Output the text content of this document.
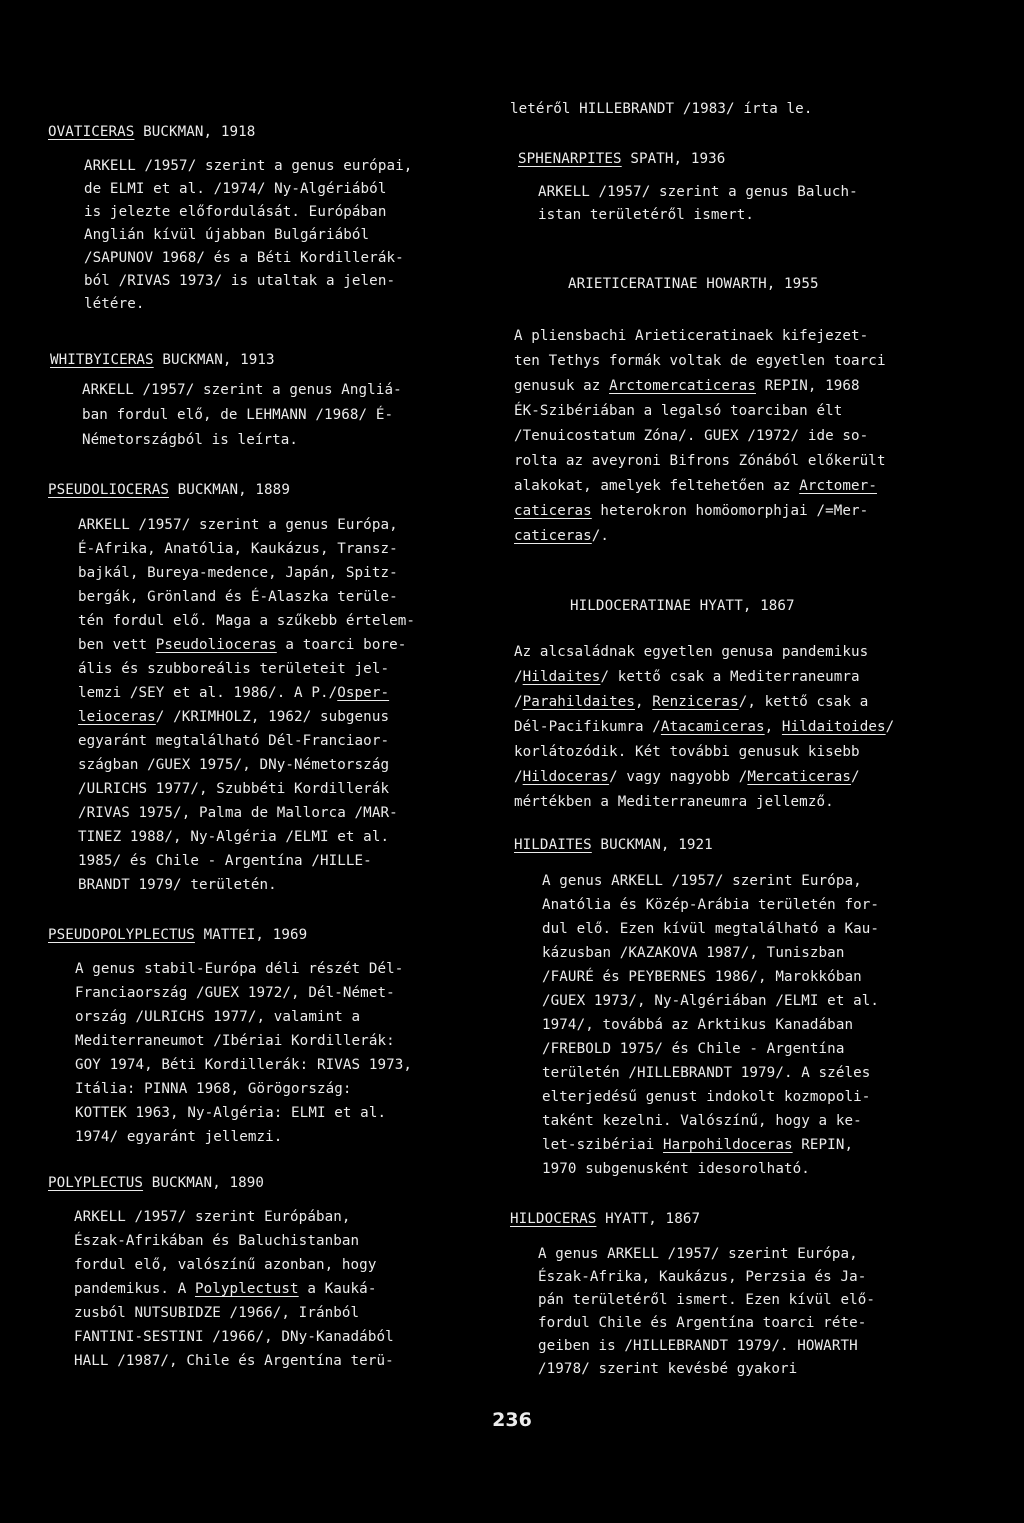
OVATICERAS BUCKMAN, 1918
ARKELL /1957/ szerint a genus európai,
de ELMI et al. /1974/ Ny-Algériából
is jelezte előfordulását. Európában
Anglián kívül újabban Bulgáriából
/SAPUNOV 1968/ és a Béti Kordillerák-
ból /RIVAS 1973/ is utaltak a jelen-
létére.
WHITBYICERAS BUCKMAN, 1913
ARKELL /1957/ szerint a genus Angliá-
ban fordul elő, de LEHMANN /1968/ É-
Németországból is leírta.
PSEUDOLIOCERAS BUCKMAN, 1889
ARKELL /1957/ szerint a genus Európa,
É-Afrika, Anatólia, Kaukázus, Transz-
bajkál, Bureya-medence, Japán, Spitz-
bergák, Grönland és É-Alaszka terüle-
tén fordul elő. Maga a szűkebb értelem-
ben vett Pseudolioceras a toarci bore-
ális és szubboreális területeit jel-
lemzi /SEY et al. 1986/. A P./Osper-
leioceras/ /KRIMHOLZ, 1962/ subgenus
egyaránt megtalálható Dél-Franciaor-
szágban /GUEX 1975/, DNy-Németország
/ULRICHS 1977/, Szubbéti Kordillerák
/RIVAS 1975/, Palma de Mallorca /MAR-
TINEZ 1988/, Ny-Algéria /ELMI et al.
1985/ és Chile - Argentína /HILLE-
BRANDT 1979/ területén.
PSEUDOPOLYPLECTUS MATTEI, 1969
A genus stabil-Európa déli részét Dél-
Franciaország /GUEX 1972/, Dél-Német-
ország /ULRICHS 1977/, valamint a
Mediterraneumot /Ibériai Kordillerák:
GOY 1974, Béti Kordillerák: RIVAS 1973,
Itália: PINNA 1968, Görögország:
KOTTEK 1963, Ny-Algéria: ELMI et al.
1974/ egyaránt jellemzi.
POLYPLECTUS BUCKMAN, 1890
ARKELL /1957/ szerint Európában,
Észak-Afrikában és Baluchistanban
fordul elő, valószínű azonban, hogy
pandemikus. A Polyplectust a Kauká-
zusból NUTSUBIDZE /1966/, Iránból
FANTINI-SESTINI /1966/, DNy-Kanadából
HALL /1987/, Chile és Argentína terü-
letéről HILLEBRANDT /1983/ írta le.
SPHENARPITES SPATH, 1936
ARKELL /1957/ szerint a genus Baluch-
istan területéről ismert.
ARIETICERATINAE HOWARTH, 1955
A pliensbachi Arieticeratinaek kifejezet-
ten Tethys formák voltak de egyetlen toarci
genusuk az Arctomercaticeras REPIN, 1968
ÉK-Szibériában a legalsó toarciban élt
/Tenuicostatum Zóna/. GUEX /1972/ ide so-
rolta az aveyroni Bifrons Zónából előkerült
alakokat, amelyek feltehetően az Arctomer-
caticeras heterokron homöomorphjai /=Mer-
caticeras/.
HILDOCERATINAE HYATT, 1867
Az alcsaládnak egyetlen genusa pandemikus
/Hildaites/ kettő csak a Mediterraneumra
/Parahildaites, Renziceras/, kettő csak a
Dél-Pacifikumra /Atacamiceras, Hildaitoides/
korlátozódik. Két további genusuk kisebb
/Hildoceras/ vagy nagyobb /Mercaticeras/
mértékben a Mediterraneumra jellemző.
HILDAITES BUCKMAN, 1921
A genus ARKELL /1957/ szerint Európa,
Anatólia és Közép-Arábia területén for-
dul elő. Ezen kívül megtalálható a Kau-
kázusban /KAZAKOVA 1987/, Tuniszban
/FAURÉ és PEYBERNES 1986/, Marokkóban
/GUEX 1973/, Ny-Algériában /ELMI et al.
1974/, továbbá az Arktikus Kanadában
/FREBOLD 1975/ és Chile - Argentína
területén /HILLEBRANDT 1979/. A széles
elterjedésű genust indokolt kozmopoli-
taként kezelni. Valószínű, hogy a ke-
let-szibériai Harpohildoceras REPIN,
1970 subgenusként idesorolható.
HILDOCERAS HYATT, 1867
A genus ARKELL /1957/ szerint Európa,
Észak-Afrika, Kaukázus, Perzsia és Ja-
pán területéről ismert. Ezen kívül elő-
fordul Chile és Argentína toarci réte-
geiben is /HILLEBRANDT 1979/. HOWARTH
/1978/ szerint kevésbé gyakori
236
